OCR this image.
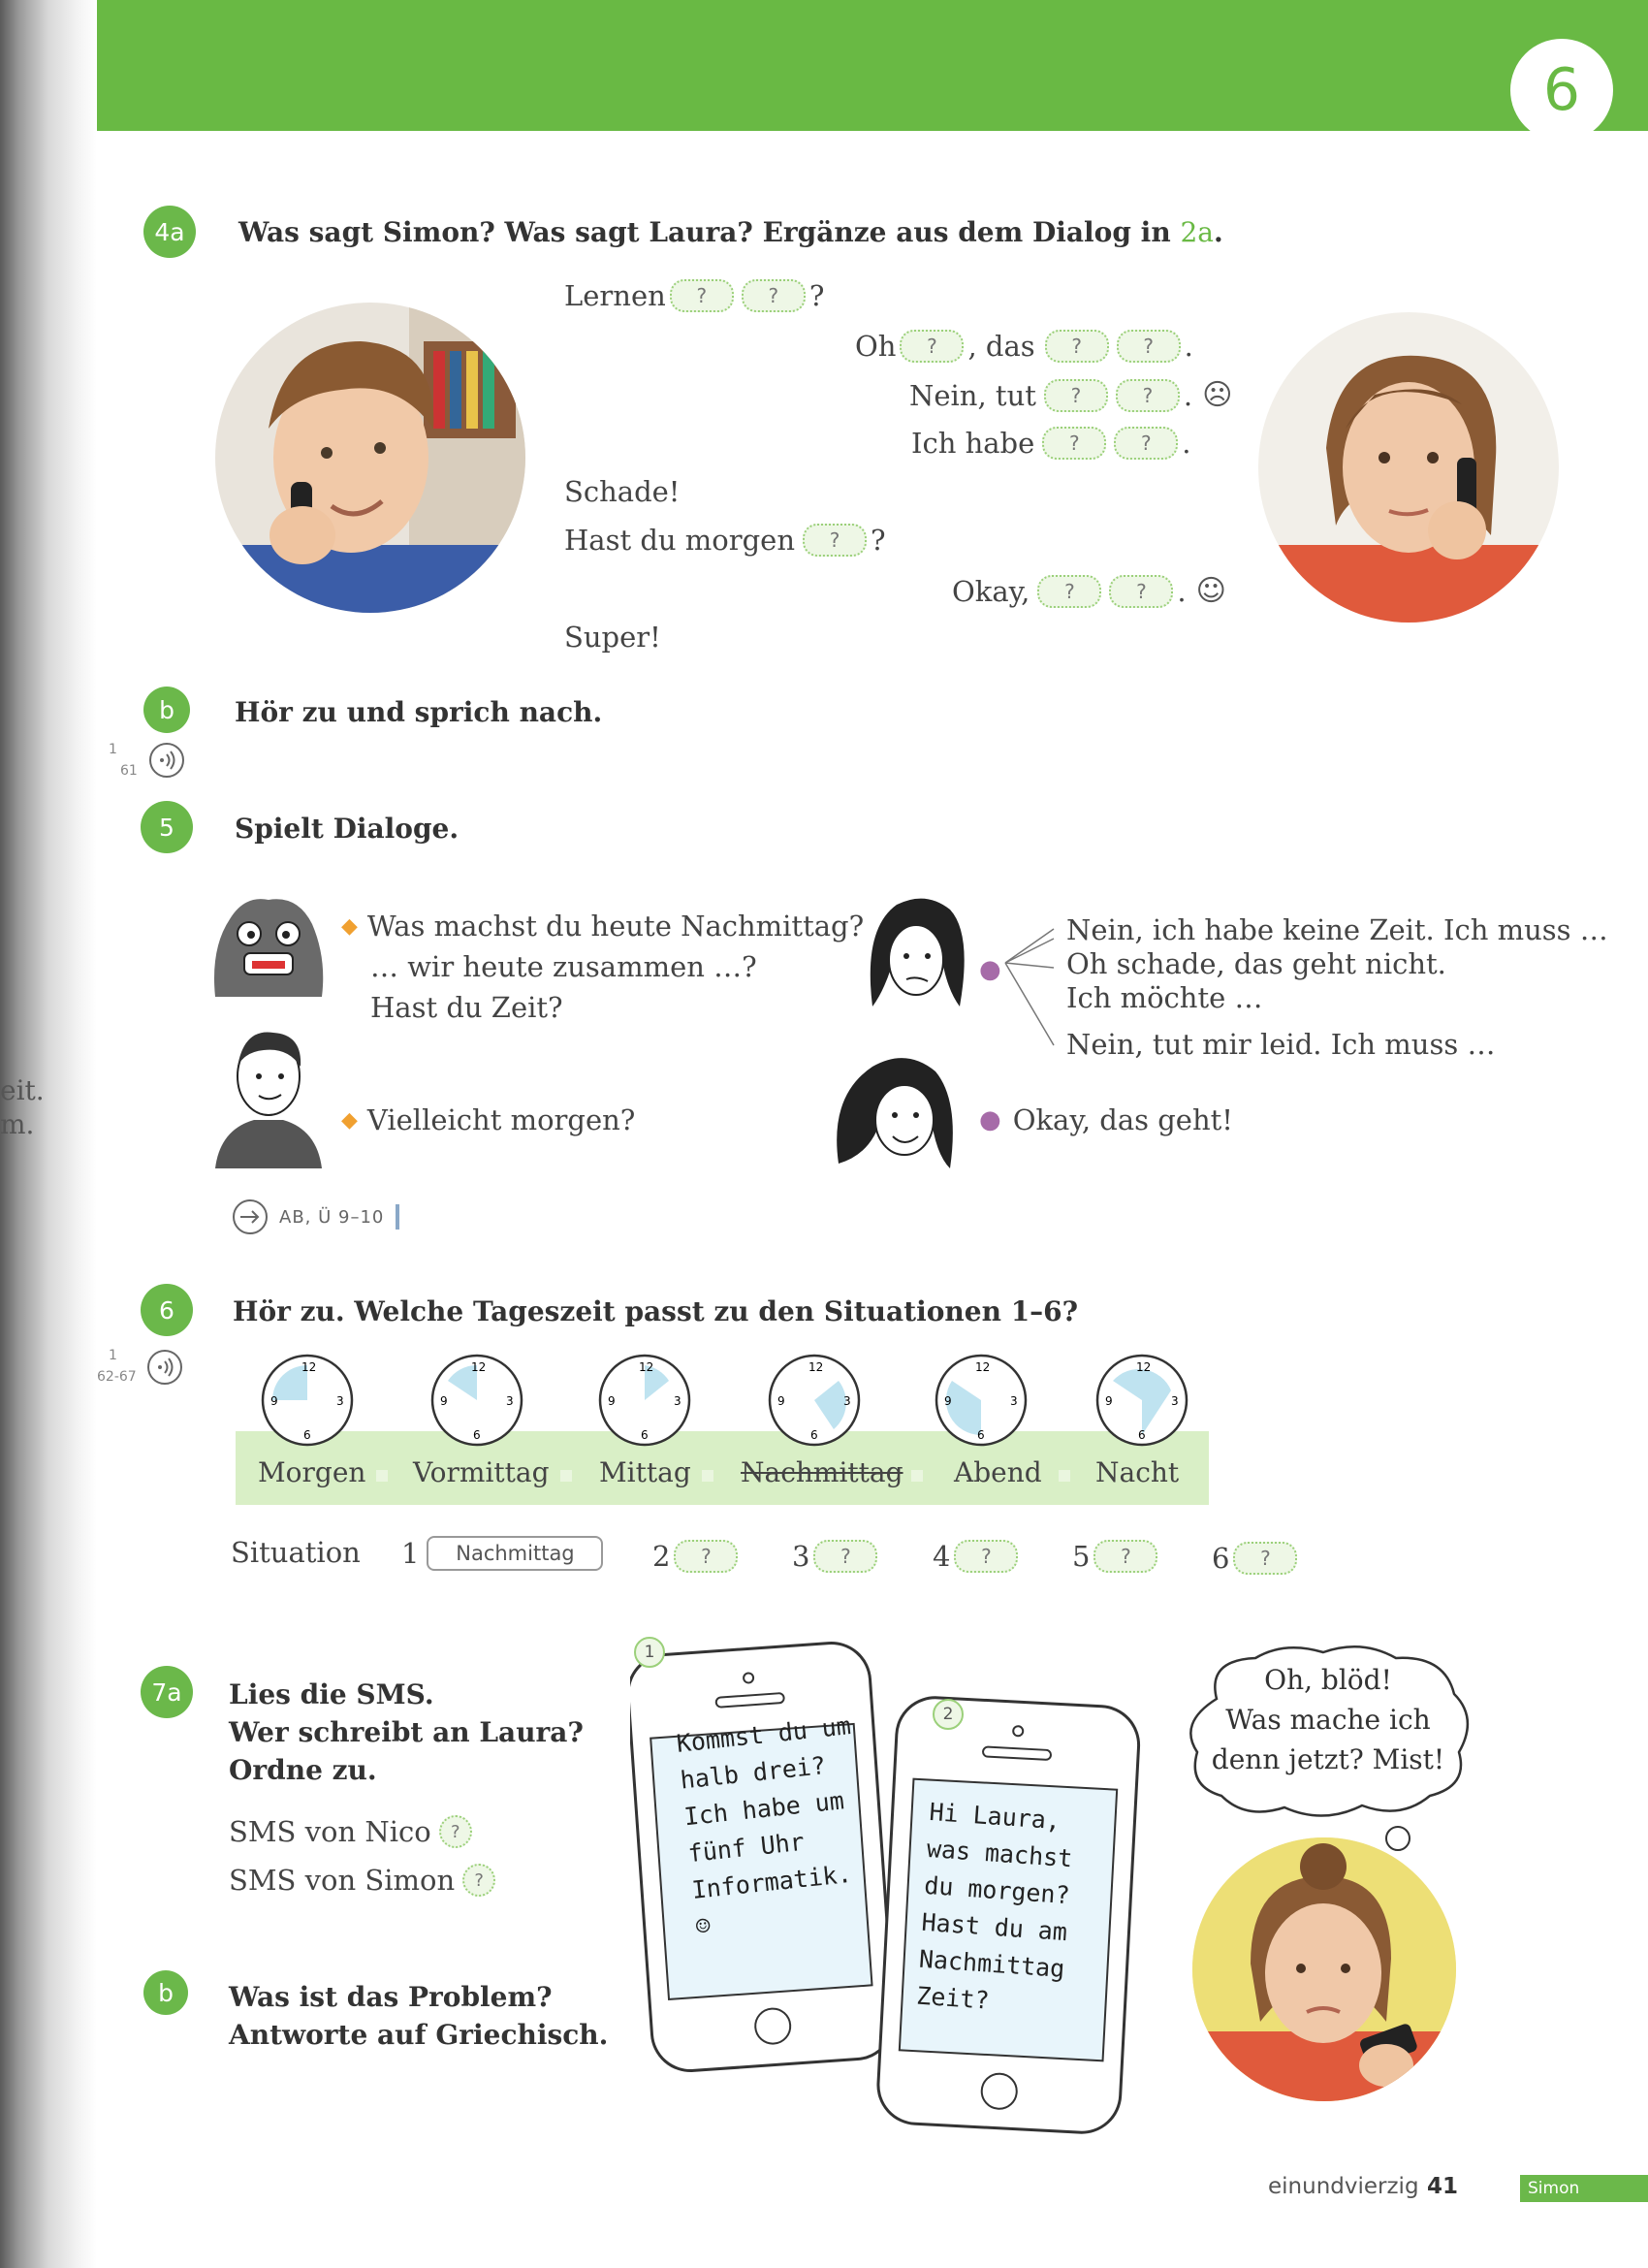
6
eit.
m.
4a	Was sagt Simon? Was sagt Laura? Ergänze aus dem Dialog in 2a.
Lernen	?	?	?
Oh	?	, das	?	?	.
Nein, tut	?	?	. ☹
Ich habe	?	?	.
Schade!
Hast du morgen	?	?
Okay,	?	?	. ☺
Super!
b	Hör zu und sprich nach.
1
61
5	Spielt Dialoge.
◆ Was machst du heute Nachmittag?
… wir heute zusammen …?
Hast du Zeit?
◆ Vielleicht morgen?
●
Nein, ich habe keine Zeit. Ich muss …
Oh schade, das geht nicht.
Ich möchte …
Nein, tut mir leid. Ich muss …
● Okay, das geht!
AB, Ü 9–10
6	Hör zu. Welche Tageszeit passt zu den Situationen 1–6?
1
62-67
12
3
6
9
12
3
6
9
12
3
6
9
12
3
6
9
12
3
6
9
12
3
6
9
Morgen Vormittag Mittag Nachmittag Abend Nacht
Situation 1	Nachmittag	2	?	3	?	4	?	5	?	6	?
7a	Lies die SMS.
Wer schreibt an Laura?
Ordne zu.
SMS von Nico	?
SMS von Simon	?
1
Kommst du um
halb drei?
Ich habe um
fünf Uhr
Informatik.
☺
2
Hi Laura,
was machst
du morgen?
Hast du am
Nachmittag
Zeit?
Oh, blöd!
Was mache ich
denn jetzt? Mist!
b	Was ist das Problem?
Antworte auf Griechisch.
einundvierzig 41	Simon
